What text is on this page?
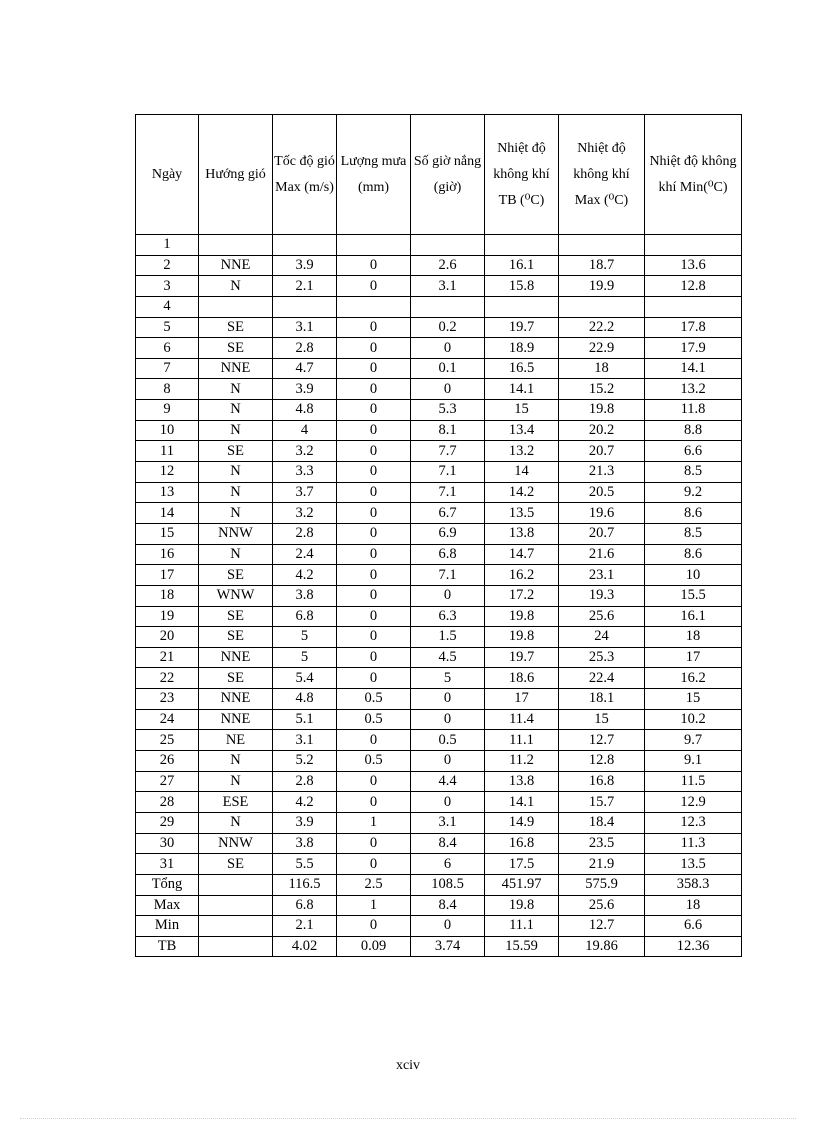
Ngày	Hướng gió	Tốc độ gió Max (m/s)	Lượng mưa (mm)	Số giờ nắng (giờ)	Nhiệt độ không khí TB (⁰C)	Nhiệt độ không khí Max (⁰C)	Nhiệt độ không khí Min(⁰C)
1							
2	NNE	3.9	0	2.6	16.1	18.7	13.6
3	N	2.1	0	3.1	15.8	19.9	12.8
4							
5	SE	3.1	0	0.2	19.7	22.2	17.8
6	SE	2.8	0	0	18.9	22.9	17.9
7	NNE	4.7	0	0.1	16.5	18	14.1
8	N	3.9	0	0	14.1	15.2	13.2
9	N	4.8	0	5.3	15	19.8	11.8
10	N	4	0	8.1	13.4	20.2	8.8
11	SE	3.2	0	7.7	13.2	20.7	6.6
12	N	3.3	0	7.1	14	21.3	8.5
13	N	3.7	0	7.1	14.2	20.5	9.2
14	N	3.2	0	6.7	13.5	19.6	8.6
15	NNW	2.8	0	6.9	13.8	20.7	8.5
16	N	2.4	0	6.8	14.7	21.6	8.6
17	SE	4.2	0	7.1	16.2	23.1	10
18	WNW	3.8	0	0	17.2	19.3	15.5
19	SE	6.8	0	6.3	19.8	25.6	16.1
20	SE	5	0	1.5	19.8	24	18
21	NNE	5	0	4.5	19.7	25.3	17
22	SE	5.4	0	5	18.6	22.4	16.2
23	NNE	4.8	0.5	0	17	18.1	15
24	NNE	5.1	0.5	0	11.4	15	10.2
25	NE	3.1	0	0.5	11.1	12.7	9.7
26	N	5.2	0.5	0	11.2	12.8	9.1
27	N	2.8	0	4.4	13.8	16.8	11.5
28	ESE	4.2	0	0	14.1	15.7	12.9
29	N	3.9	1	3.1	14.9	18.4	12.3
30	NNW	3.8	0	8.4	16.8	23.5	11.3
31	SE	5.5	0	6	17.5	21.9	13.5
Tổng		116.5	2.5	108.5	451.97	575.9	358.3
Max		6.8	1	8.4	19.8	25.6	18
Min		2.1	0	0	11.1	12.7	6.6
TB		4.02	0.09	3.74	15.59	19.86	12.36
xciv
